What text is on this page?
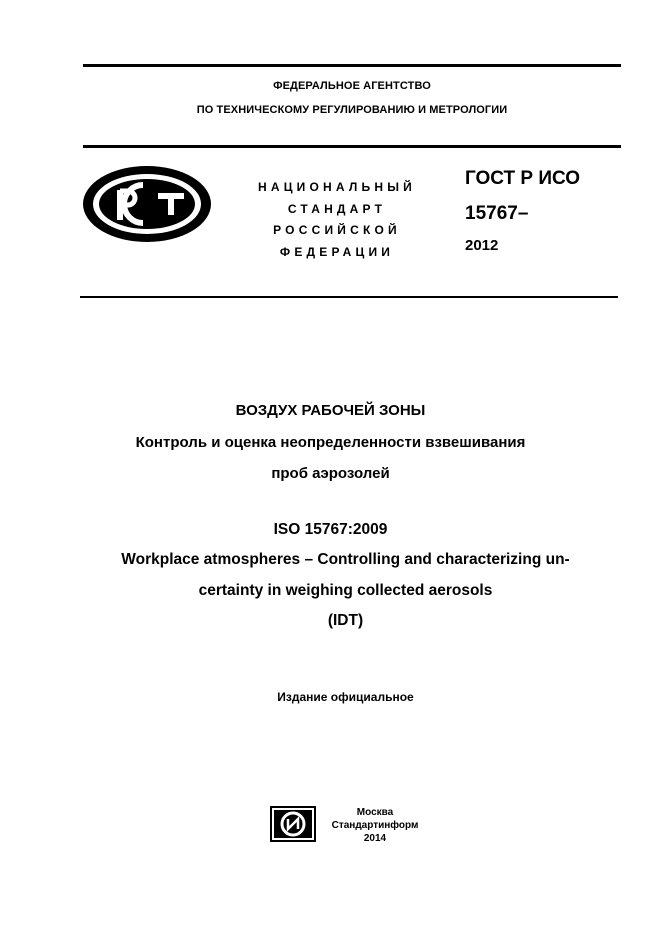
ФЕДЕРАЛЬНОЕ АГЕНТСТВО
ПО ТЕХНИЧЕСКОМУ РЕГУЛИРОВАНИЮ И МЕТРОЛОГИИ
НАЦИОНАЛЬНЫЙ
СТАНДАРТ
РОССИЙСКОЙ
ФЕДЕРАЦИИ
ГОСТ Р ИСО
15767–
2012
ВОЗДУХ РАБОЧЕЙ ЗОНЫ
Контроль и оценка неопределенности взвешивания
проб аэрозолей
ISO 15767:2009
Workplace atmospheres – Controlling and characterizing un-
certainty in weighing collected aerosols
(IDT)
Издание официальное
Москва
Стандартинформ
2014
